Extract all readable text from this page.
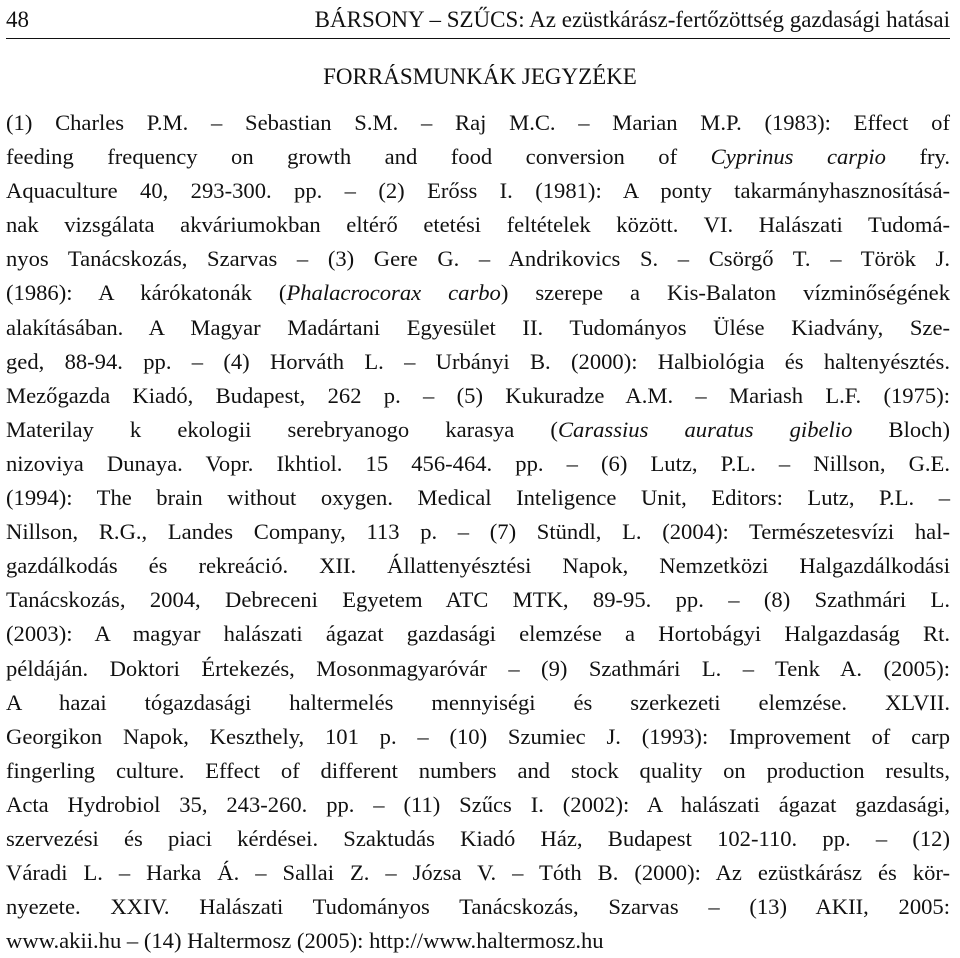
48	BÁRSONY – SZŰCS: Az ezüstkárász-fertőzöttség gazdasági hatásai
FORRÁSMUNKÁK JEGYZÉKE
(1) Charles P.M. – Sebastian S.M. – Raj M.C. – Marian M.P. (1983): Effect of
feeding frequency on growth and food conversion of Cyprinus carpio fry.
Aquaculture 40, 293-300. pp. – (2) Erőss I. (1981): A ponty takarmányhasznosításá-
nak vizsgálata akváriumokban eltérő etetési feltételek között. VI. Halászati Tudomá-
nyos Tanácskozás, Szarvas – (3) Gere G. – Andrikovics S. – Csörgő T. – Török J.
(1986): A kárókatonák (Phalacrocorax carbo) szerepe a Kis-Balaton vízminőségének
alakításában. A Magyar Madártani Egyesület II. Tudományos Ülése Kiadvány, Sze-
ged, 88-94. pp. – (4) Horváth L. – Urbányi B. (2000): Halbiológia és haltenyésztés.
Mezőgazda Kiadó, Budapest, 262 p. – (5) Kukuradze A.M. – Mariash L.F. (1975):
Materilay k ekologii serebryanogo karasya (Carassius auratus gibelio Bloch)
nizoviya Dunaya. Vopr. Ikhtiol. 15 456-464. pp. – (6) Lutz, P.L. – Nillson, G.E.
(1994): The brain without oxygen. Medical Inteligence Unit, Editors: Lutz, P.L. –
Nillson, R.G., Landes Company, 113 p. – (7) Stündl, L. (2004): Természetesvízi hal-
gazdálkodás és rekreáció. XII. Állattenyésztési Napok, Nemzetközi Halgazdálkodási
Tanácskozás, 2004, Debreceni Egyetem ATC MTK, 89-95. pp. – (8) Szathmári L.
(2003): A magyar halászati ágazat gazdasági elemzése a Hortobágyi Halgazdaság Rt.
példáján. Doktori Értekezés, Mosonmagyaróvár – (9) Szathmári L. – Tenk A. (2005):
A hazai tógazdasági haltermelés mennyiségi és szerkezeti elemzése. XLVII.
Georgikon Napok, Keszthely, 101 p. – (10) Szumiec J. (1993): Improvement of carp
fingerling culture. Effect of different numbers and stock quality on production results,
Acta Hydrobiol 35, 243-260. pp. – (11) Szűcs I. (2002): A halászati ágazat gazdasági,
szervezési és piaci kérdései. Szaktudás Kiadó Ház, Budapest 102-110. pp. – (12)
Váradi L. – Harka Á. – Sallai Z. – Józsa V. – Tóth B. (2000): Az ezüstkárász és kör-
nyezete. XXIV. Halászati Tudományos Tanácskozás, Szarvas – (13) AKII, 2005:
www.akii.hu – (14) Haltermosz (2005): http://www.haltermosz.hu
